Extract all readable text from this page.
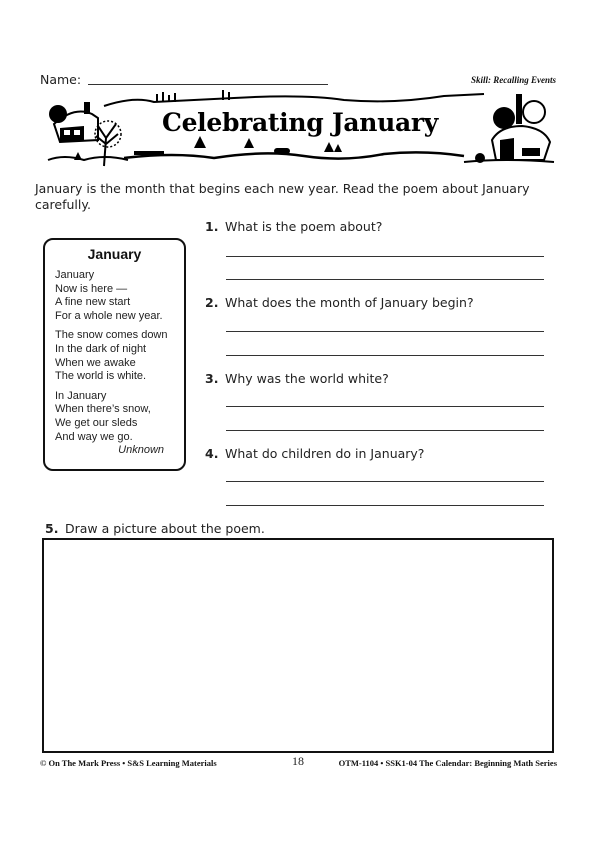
Name:	Skill: Recalling Events
Celebrating January
January is the month that begins each new year. Read the poem about January carefully.
January
January
Now is here —
A fine new start
For a whole new year.
The snow comes down
In the dark of night
When we awake
The world is white.
In January
When there’s snow,
We get our sleds
And way we go.
Unknown
1. What is the poem about?
2. What does the month of January begin?
3. Why was the world white?
4. What do children do in January?
5. Draw a picture about the poem.
© On The Mark Press • S&S Learning Materials	18	OTM-1104 • SSK1-04 The Calendar: Beginning Math Series
